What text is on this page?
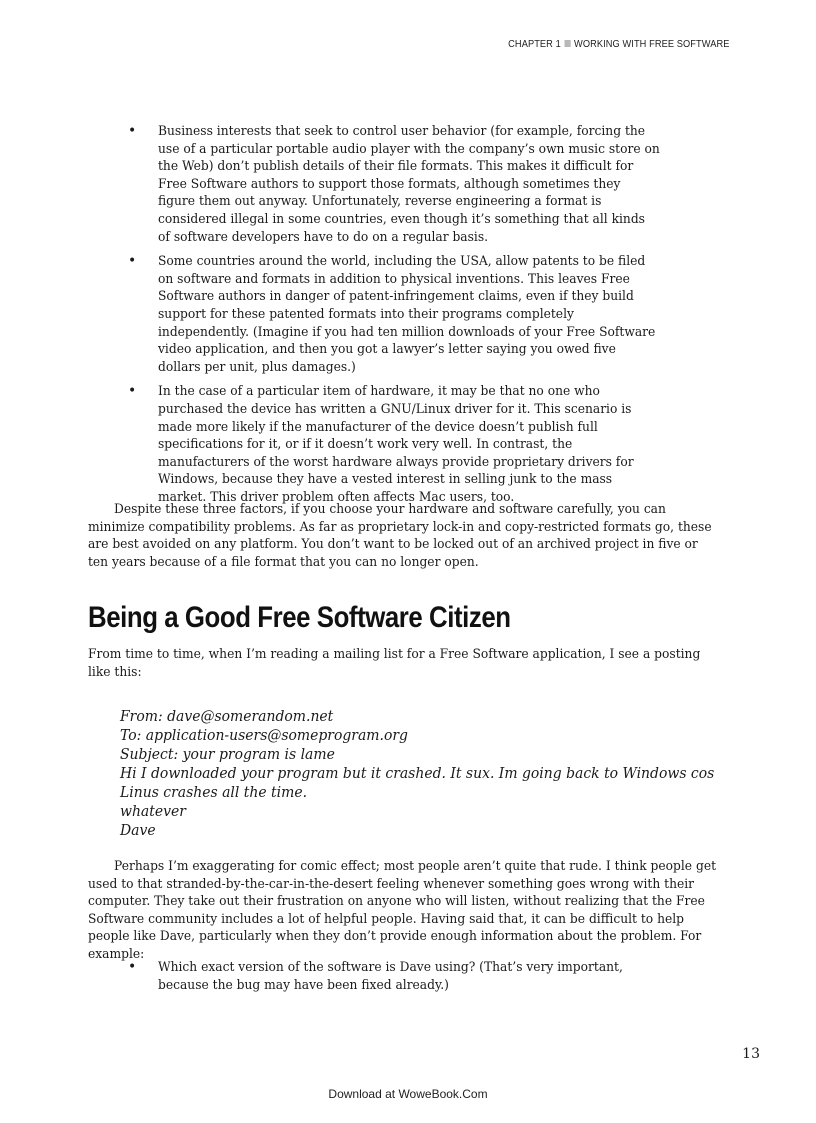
CHAPTER 1 WORKING WITH FREE SOFTWARE
• Business interests that seek to control user behavior (for example, forcing the use of a particular portable audio player with the company’s own music store on the Web) don’t publish details of their file formats. This makes it difficult for Free Software authors to support those formats, although sometimes they figure them out anyway. Unfortunately, reverse engineering a format is considered illegal in some countries, even though it’s something that all kinds of software developers have to do on a regular basis.
• Some countries around the world, including the USA, allow patents to be filed on software and formats in addition to physical inventions. This leaves Free Software authors in danger of patent-infringement claims, even if they build support for these patented formats into their programs completely independently. (Imagine if you had ten million downloads of your Free Software video application, and then you got a lawyer’s letter saying you owed five dollars per unit, plus damages.)
• In the case of a particular item of hardware, it may be that no one who purchased the device has written a GNU/Linux driver for it. This scenario is made more likely if the manufacturer of the device doesn’t publish full specifications for it, or if it doesn’t work very well. In contrast, the manufacturers of the worst hardware always provide proprietary drivers for Windows, because they have a vested interest in selling junk to the mass market. This driver problem often affects Mac users, too.

Despite these three factors, if you choose your hardware and software carefully, you can minimize compatibility problems. As far as proprietary lock-in and copy-restricted formats go, these are best avoided on any platform. You don’t want to be locked out of an archived project in five or ten years because of a file format that you can no longer open.

Being a Good Free Software Citizen

From time to time, when I’m reading a mailing list for a Free Software application, I see a posting like this:

From: dave@somerandom.net
To: application-users@someprogram.org
Subject: your program is lame
Hi I downloaded your program but it crashed. It sux. Im going back to Windows cos
Linus crashes all the time.
whatever
Dave

Perhaps I’m exaggerating for comic effect; most people aren’t quite that rude. I think people get used to that stranded-by-the-car-in-the-desert feeling whenever something goes wrong with their computer. They take out their frustration on anyone who will listen, without realizing that the Free Software community includes a lot of helpful people. Having said that, it can be difficult to help people like Dave, particularly when they don’t provide enough information about the problem. For example:

• Which exact version of the software is Dave using? (That’s very important, because the bug may have been fixed already.)
13
Download at WoweBook.Com
